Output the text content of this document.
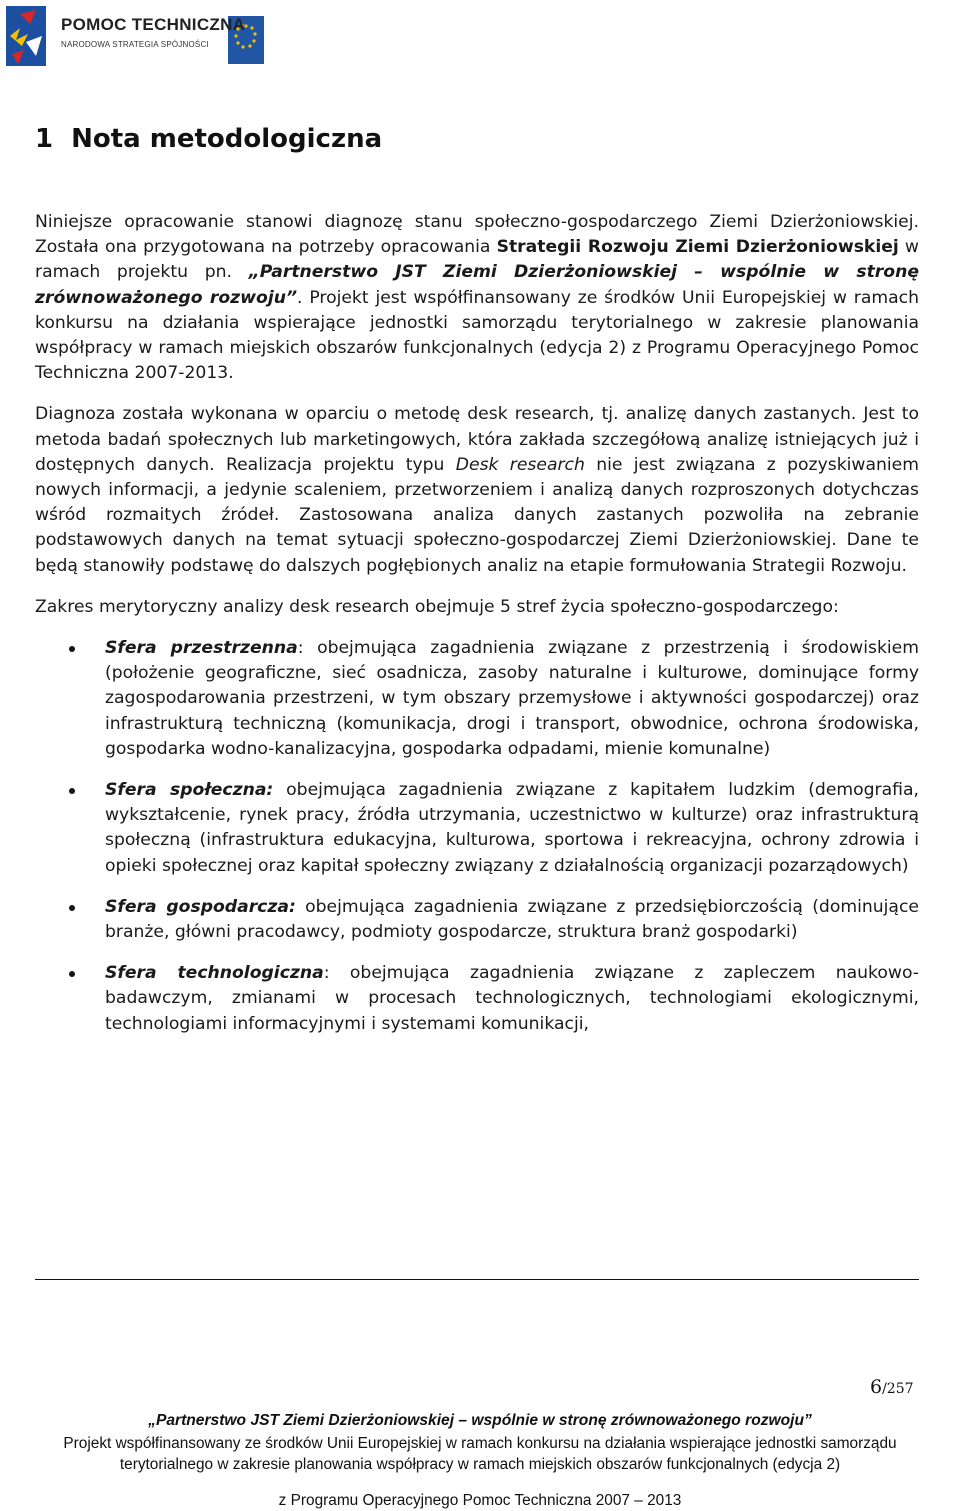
POMOC TECHNICZNA
NARODOWA STRATEGIA SPÓJNOŚCI
1 Nota metodologiczna

Niniejsze opracowanie stanowi diagnozę stanu społeczno-gospodarczego Ziemi Dzierżoniowskiej. Została ona przygotowana na potrzeby opracowania Strategii Rozwoju Ziemi Dzierżoniowskiej w ramach projektu pn. „Partnerstwo JST Ziemi Dzierżoniowskiej – wspólnie w stronę zrównoważonego rozwoju”. Projekt jest współfinansowany ze środków Unii Europejskiej w ramach konkursu na działania wspierające jednostki samorządu terytorialnego w zakresie planowania współpracy w ramach miejskich obszarów funkcjonalnych (edycja 2) z Programu Operacyjnego Pomoc Techniczna 2007-2013.

Diagnoza została wykonana w oparciu o metodę desk research, tj. analizę danych zastanych. Jest to metoda badań społecznych lub marketingowych, która zakłada szczegółową analizę istniejących już i dostępnych danych. Realizacja projektu typu Desk research nie jest związana z pozyskiwaniem nowych informacji, a jedynie scaleniem, przetworzeniem i analizą danych rozproszonych dotychczas wśród rozmaitych źródeł. Zastosowana analiza danych zastanych pozwoliła na zebranie podstawowych danych na temat sytuacji społeczno-gospodarczej Ziemi Dzierżoniowskiej. Dane te będą stanowiły podstawę do dalszych pogłębionych analiz na etapie formułowania Strategii Rozwoju.

Zakres merytoryczny analizy desk research obejmuje 5 stref życia społeczno-gospodarczego:

Sfera przestrzenna: obejmująca zagadnienia związane z przestrzenią i środowiskiem (położenie geograficzne, sieć osadnicza, zasoby naturalne i kulturowe, dominujące formy zagospodarowania przestrzeni, w tym obszary przemysłowe i aktywności gospodarczej) oraz infrastrukturą techniczną (komunikacja, drogi i transport, obwodnice, ochrona środowiska, gospodarka wodno-kanalizacyjna, gospodarka odpadami, mienie komunalne)
Sfera społeczna: obejmująca zagadnienia związane z kapitałem ludzkim (demografia, wykształcenie, rynek pracy, źródła utrzymania, uczestnictwo w kulturze) oraz infrastrukturą społeczną (infrastruktura edukacyjna, kulturowa, sportowa i rekreacyjna, ochrony zdrowia i opieki społecznej oraz kapitał społeczny związany z działalnością organizacji pozarządowych)
Sfera gospodarcza: obejmująca zagadnienia związane z przedsiębiorczością (dominujące branże, główni pracodawcy, podmioty gospodarcze, struktura branż gospodarki)
Sfera technologiczna: obejmująca zagadnienia związane z zapleczem naukowo-badawczym, zmianami w procesach technologicznych, technologiami ekologicznymi, technologiami informacyjnymi i systemami komunikacji,
6/257
„Partnerstwo JST Ziemi Dzierżoniowskiej – wspólnie w stronę zrównoważonego rozwoju”
Projekt współfinansowany ze środków Unii Europejskiej w ramach konkursu na działania wspierające jednostki samorządu
terytorialnego w zakresie planowania współpracy w ramach miejskich obszarów funkcjonalnych (edycja 2)
z Programu Operacyjnego Pomoc Techniczna 2007 – 2013
